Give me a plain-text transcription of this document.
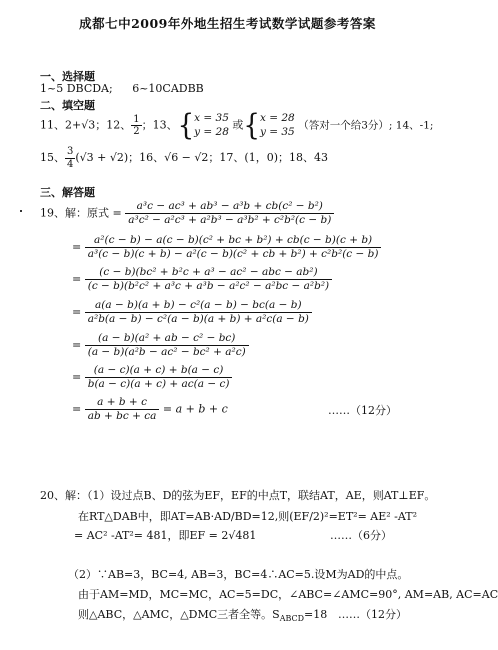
成都七中2009年外地生招生考试数学试题参考答案
一、选择题
1~5 DBCDA; 6~10CADBB
二、填空题
11、2+√3；12、 $\frac{1}{2}$ ；13、{ x = 35
y = 28 或{ x = 28
y = 35 （答对一个给3分）; 14、-1;
15、 $\frac{3}{4} (√3 + √2)$；16、√6 − √2；17、(1，0)；18、43
三、解答题
19、解：原式 = $\frac{\text{a³c − ac³ + ab³ − a³b + cb(c² − b²)}}{\text{a³c² − a²c³ + a²b³ − a³b² + c²b²(c − b)}}$
= $\frac{\text{a²(c − b) − a(c − b)(c² + bc + b²) + cb(c − b)(c + b)}}{\text{a³(c − b)(c + b) − a²(c − b)(c² + cb + b²) + c²b²(c − b)}}$
=
(c − b)(bc² + b²c + a³ − ac² − abc − ab²)
(c − b)(b²c² + a³c + a³b − a²c² − a²bc − a²b²)
= $\frac{\text{a(a − b)(a + b) − c²(a − b) − bc(a − b)}}{\text{a²b(a − b) − c²(a − b)(a + b) + a²c(a − b)}}$
= $\frac{\text{(a − b)(a² + ab − c² − bc)}}{\text{(a − b)(a²b − ac² − bc² + a²c)}}$
= $\frac{(a - c)(a + c) + b(a - c)}{b(a - c)(a + c) + ac(a - c)}$
= $\frac{a + b + c}{ab + bc + ca} = a + b + c$	……（12分）
20、解：（1）设过点B、D的弦为EF，EF的中点T，联结AT，AE，则AT⊥EF。
在RT△DAB中，即AT=AB·AD/BD=12,则(EF/2)²=ET²= AE² -AT²
= AC² -AT²= 481，即EF = 2√481	……（6分）
（2）∵AB=3，BC=4, AB=3，BC=4∴AC=5.设M为AD的中点。
由于AM=MD，MC=MC，AC=5=DC，∠ABC=∠AMC=90°, AM=AB, AC=AC
则△ABC，△AMC，△DMC三者全等。$S_{ABCD}=18$ ……（12分）
